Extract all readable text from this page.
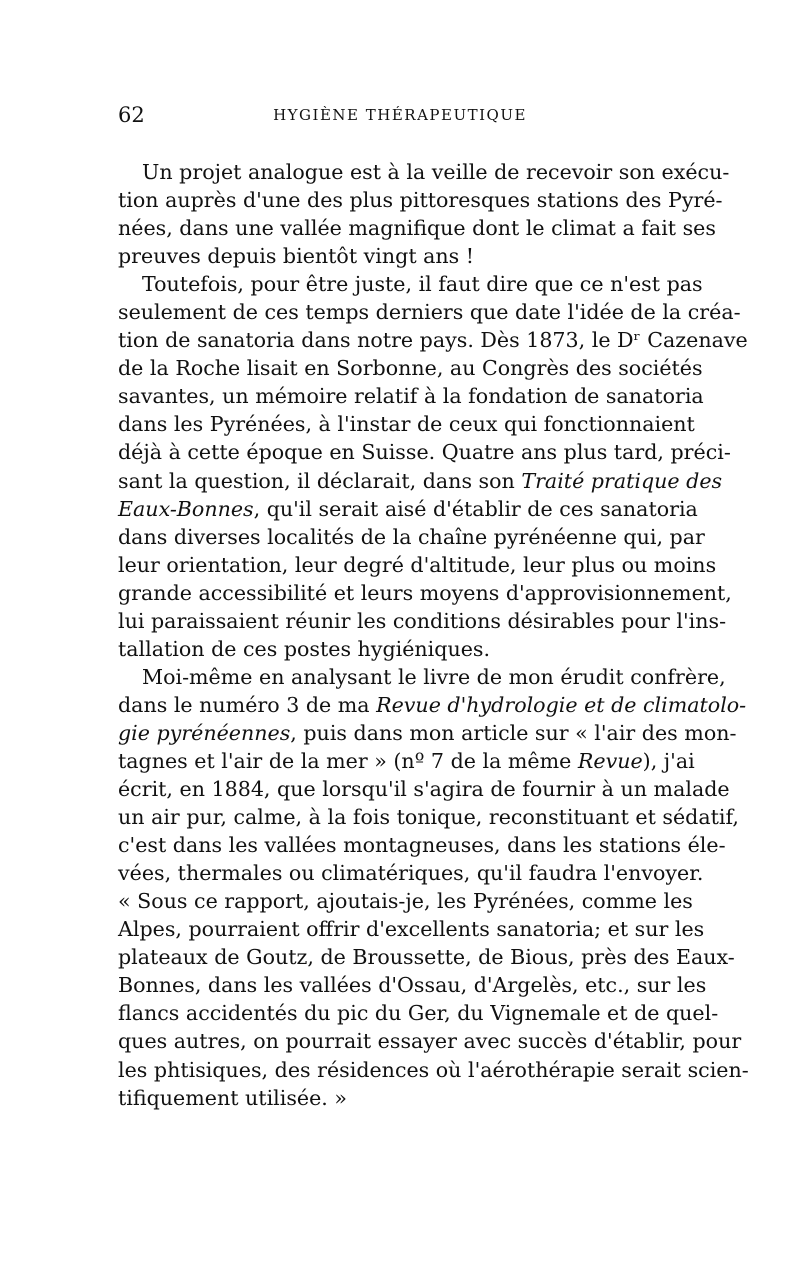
62	HYGIÈNE THÉRAPEUTIQUE
Un projet analogue est à la veille de recevoir son exécu-
tion auprès d'une des plus pittoresques stations des Pyré-
nées, dans une vallée magnifique dont le climat a fait ses
preuves depuis bientôt vingt ans !
Toutefois, pour être juste, il faut dire que ce n'est pas
seulement de ces temps derniers que date l'idée de la créa-
tion de sanatoria dans notre pays. Dès 1873, le Dʳ Cazenave
de la Roche lisait en Sorbonne, au Congrès des sociétés
savantes, un mémoire relatif à la fondation de sanatoria
dans les Pyrénées, à l'instar de ceux qui fonctionnaient
déjà à cette époque en Suisse. Quatre ans plus tard, préci-
sant la question, il déclarait, dans son Traité pratique des
Eaux-Bonnes, qu'il serait aisé d'établir de ces sanatoria
dans diverses localités de la chaîne pyrénéenne qui, par
leur orientation, leur degré d'altitude, leur plus ou moins
grande accessibilité et leurs moyens d'approvisionnement,
lui paraissaient réunir les conditions désirables pour l'ins-
tallation de ces postes hygiéniques.
Moi-même en analysant le livre de mon érudit confrère,
dans le numéro 3 de ma Revue d'hydrologie et de climatolo-
gie pyrénéennes, puis dans mon article sur « l'air des mon-
tagnes et l'air de la mer » (nº 7 de la même Revue), j'ai
écrit, en 1884, que lorsqu'il s'agira de fournir à un malade
un air pur, calme, à la fois tonique, reconstituant et sédatif,
c'est dans les vallées montagneuses, dans les stations éle-
vées, thermales ou climatériques, qu'il faudra l'envoyer.
« Sous ce rapport, ajoutais-je, les Pyrénées, comme les
Alpes, pourraient offrir d'excellents sanatoria; et sur les
plateaux de Goutz, de Broussette, de Bious, près des Eaux-
Bonnes, dans les vallées d'Ossau, d'Argelès, etc., sur les
flancs accidentés du pic du Ger, du Vignemale et de quel-
ques autres, on pourrait essayer avec succès d'établir, pour
les phtisiques, des résidences où l'aérothérapie serait scien-
tifiquement utilisée. »
